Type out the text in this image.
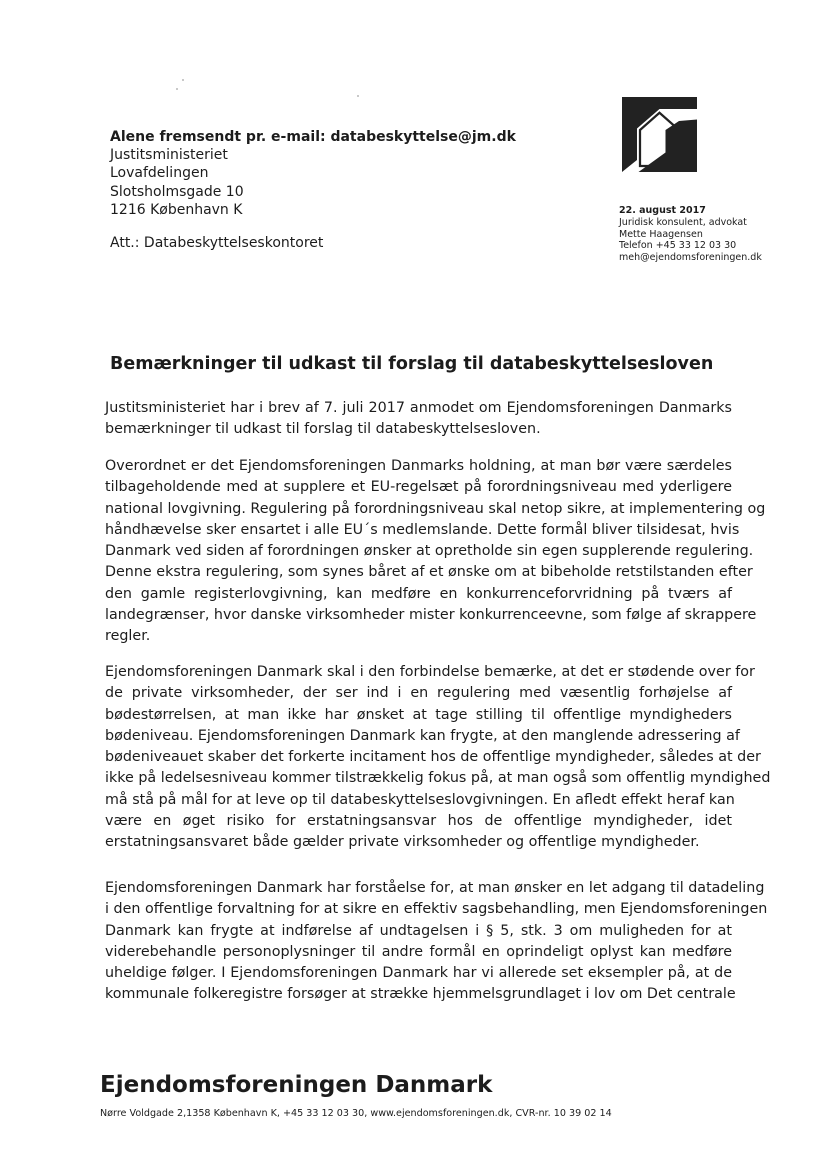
Alene fremsendt pr. e-mail: databeskyttelse@jm.dk
Justitsministeriet
Lovafdelingen
Slotsholmsgade 10
1216 København K
Att.: Databeskyttelseskontoret
22. august 2017
Juridisk konsulent, advokat
Mette Haagensen
Telefon +45 33 12 03 30
meh@ejendomsforeningen.dk
Bemærkninger til udkast til forslag til databeskyttelsesloven
Justitsministeriet har i brev af 7. juli 2017 anmodet om Ejendomsforeningen Danmarks
bemærkninger til udkast til forslag til databeskyttelsesloven.
Overordnet er det Ejendomsforeningen Danmarks holdning, at man bør være særdeles
tilbageholdende med at supplere et EU-regelsæt på forordningsniveau med yderligere
national lovgivning. Regulering på forordningsniveau skal netop sikre, at implementering og
håndhævelse sker ensartet i alle EU´s medlemslande. Dette formål bliver tilsidesat, hvis
Danmark ved siden af forordningen ønsker at opretholde sin egen supplerende regulering.
Denne ekstra regulering, som synes båret af et ønske om at bibeholde retstilstanden efter
den gamle registerlovgivning, kan medføre en konkurrenceforvridning på tværs af
landegrænser, hvor danske virksomheder mister konkurrenceevne, som følge af skrappere
regler.
Ejendomsforeningen Danmark skal i den forbindelse bemærke, at det er stødende over for
de private virksomheder, der ser ind i en regulering med væsentlig forhøjelse af
bødestørrelsen, at man ikke har ønsket at tage stilling til offentlige myndigheders
bødeniveau. Ejendomsforeningen Danmark kan frygte, at den manglende adressering af
bødeniveauet skaber det forkerte incitament hos de offentlige myndigheder, således at der
ikke på ledelsesniveau kommer tilstrækkelig fokus på, at man også som offentlig myndighed
må stå på mål for at leve op til databeskyttelseslovgivningen. En afledt effekt heraf kan
være en øget risiko for erstatningsansvar hos de offentlige myndigheder, idet
erstatningsansvaret både gælder private virksomheder og offentlige myndigheder.
Ejendomsforeningen Danmark har forståelse for, at man ønsker en let adgang til datadeling
i den offentlige forvaltning for at sikre en effektiv sagsbehandling, men Ejendomsforeningen
Danmark kan frygte at indførelse af undtagelsen i § 5, stk. 3 om muligheden for at
viderebehandle personoplysninger til andre formål en oprindeligt oplyst kan medføre
uheldige følger. I Ejendomsforeningen Danmark har vi allerede set eksempler på, at de
kommunale folkeregistre forsøger at strække hjemmelsgrundlaget i lov om Det centrale
Ejendomsforeningen Danmark
Nørre Voldgade 2,1358 København K, +45 33 12 03 30, www.ejendomsforeningen.dk, CVR-nr. 10 39 02 14
